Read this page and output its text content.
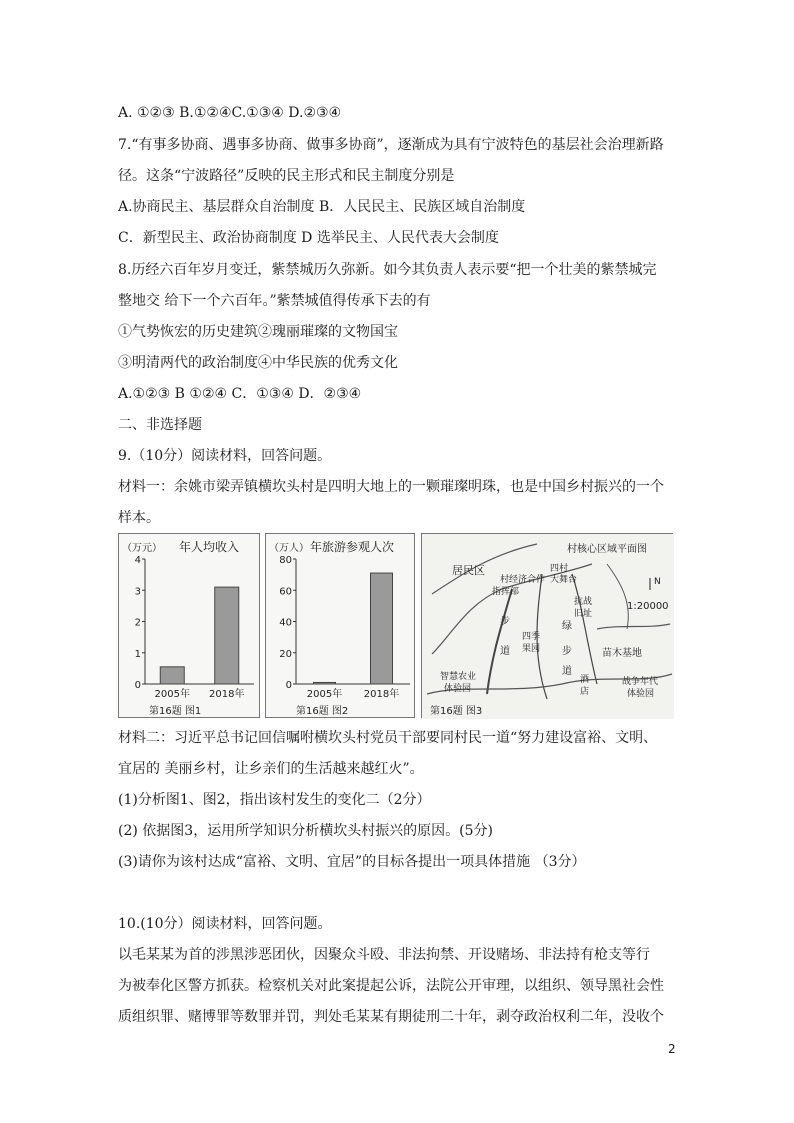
A. ①②③ B.①②④C.①③④ D.②③④
7.“有事多协商、遇事多协商、做事多协商”，逐渐成为具有宁波特色的基层社会治理新路
径。这条“宁波路径”反映的民主形式和民主制度分别是
A.协商民主、基层群众自治制度 B．人民民主、民族区域自治制度
C．新型民主、政治协商制度 D 选举民主、人民代表大会制度
8.历经六百年岁月变迁，紫禁城历久弥新。如今其负责人表示要“把一个壮美的紫禁城完
整地交 给下一个六百年。”紫禁城值得传承下去的有
①气势恢宏的历史建筑②瑰丽璀璨的文物国宝
③明清两代的政治制度④中华民族的优秀文化
A.①②③ B ①②④ C．①③④ D．②③④
二、非选择题
9.（10分）阅读材料，回答问题。
材料一：余姚市梁弄镇横坎头村是四明大地上的一颗璀璨明珠，也是中国乡村振兴的一个
样本。
（万元） 年人均收入
0
1
2
3
4
2005年 2018年
第16题 图1
（万人） 年旅游参观人次
0
20
40
60
80
2005年 2018年
第16题 图2
村核心区域平面图
N
1:20000
居民区
村经济合作
指挥部
四村
大舞台
抗战
旧址
步
道
四季
果园
绿
步
道
酒
店
苗木基地
智慧农业
体验园
战争年代
体验园
第16题 图3
材料二：习近平总书记回信嘱咐横坎头村党员干部要同村民一道“努力建设富裕、文明、
宜居的 美丽乡村，让乡亲们的生活越来越红火”。
(1)分析图1、图2，指出该村发生的变化二（2分）
(2) 依据图3，运用所学知识分析横坎头村振兴的原因。(5分)
(3)请你为该村达成“富裕、文明、宜居”的目标各提出一项具体措施 （3分）
10.(10分）阅读材料，回答问题。
以毛某某为首的涉黑涉恶团伙，因聚众斗殴、非法拘禁、开设赌场、非法持有枪支等行
为被奉化区警方抓获。检察机关对此案提起公诉，法院公开审理，以组织、领导黑社会性
质组织罪、赌博罪等数罪并罚，判处毛某某有期徒刑二十年，剥夺政治权利二年，没收个
2
